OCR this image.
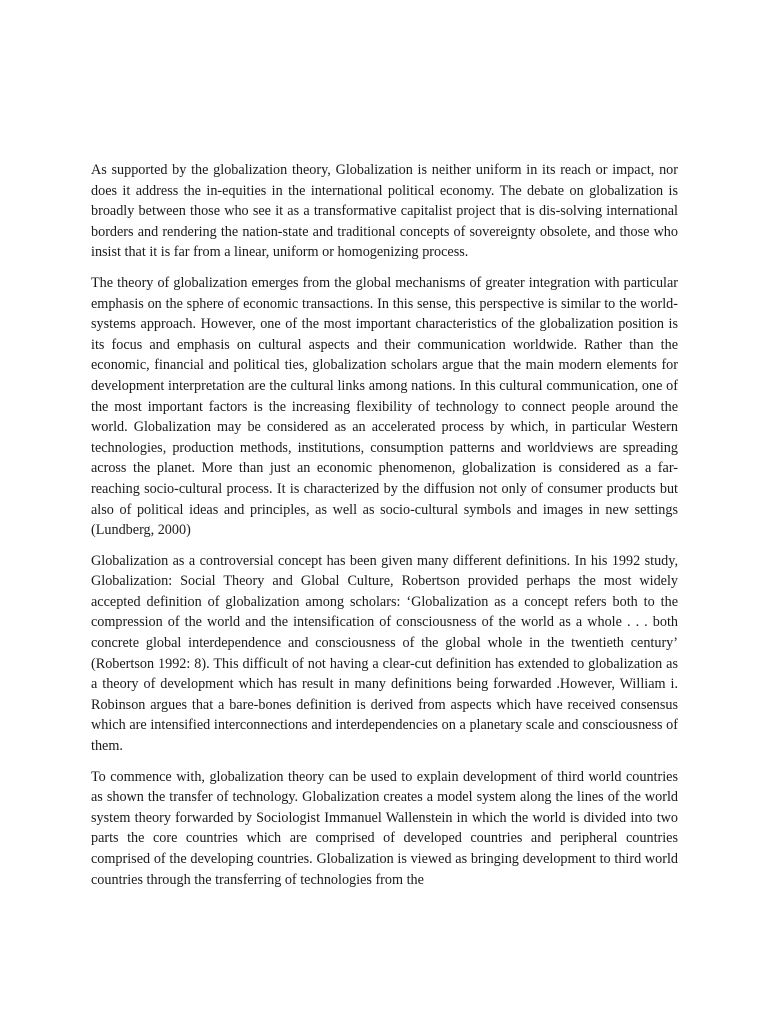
As supported by the globalization theory, Globalization is neither uniform in its reach or impact, nor does it address the in-equities in the international political economy. The debate on globalization is broadly between those who see it as a transformative capitalist project that is dis-solving international borders and rendering the nation-state and traditional concepts of sovereignty obsolete, and those who insist that it is far from a linear, uniform or homogenizing process.

The theory of globalization emerges from the global mechanisms of greater integration with particular emphasis on the sphere of economic transactions. In this sense, this perspective is similar to the world-systems approach. However, one of the most important characteristics of the globalization position is its focus and emphasis on cultural aspects and their communication worldwide. Rather than the economic, financial and political ties, globalization scholars argue that the main modern elements for development interpretation are the cultural links among nations. In this cultural communication, one of the most important factors is the increasing flexibility of technology to connect people around the world. Globalization may be considered as an accelerated process by which, in particular Western technologies, production methods, institutions, consumption patterns and worldviews are spreading across the planet. More than just an economic phenomenon, globalization is considered as a far-reaching socio-cultural process. It is characterized by the diffusion not only of consumer products but also of political ideas and principles, as well as socio-cultural symbols and images in new settings (Lundberg, 2000)

Globalization as a controversial concept has been given many different definitions. In his 1992 study, Globalization: Social Theory and Global Culture, Robertson provided perhaps the most widely accepted definition of globalization among scholars: ‘Globalization as a concept refers both to the compression of the world and the intensification of consciousness of the world as a whole . . . both concrete global interdependence and consciousness of the global whole in the twentieth century’ (Robertson 1992: 8). This difficult of not having a clear-cut definition has extended to globalization as a theory of development which has result in many definitions being forwarded .However, William i. Robinson argues that a bare-bones definition is derived from aspects which have received consensus which are intensified interconnections and interdependencies on a planetary scale and consciousness of them.

To commence with, globalization theory can be used to explain development of third world countries as shown the transfer of technology. Globalization creates a model system along the lines of the world system theory forwarded by Sociologist Immanuel Wallenstein in which the world is divided into two parts the core countries which are comprised of developed countries and peripheral countries comprised of the developing countries. Globalization is viewed as bringing development to third world countries through the transferring of technologies from the
